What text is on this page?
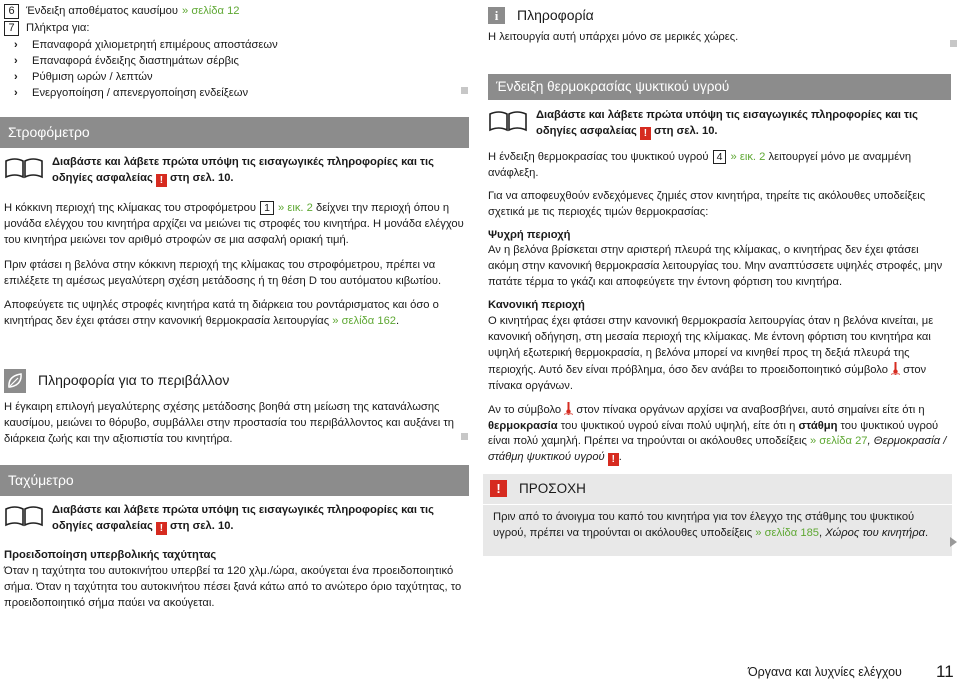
6	Ένδειξη αποθέματος καυσίμου » σελίδα 12
7	Πλήκτρα για:
› Επαναφορά χιλιομετρητή επιμέρους αποστάσεων
› Επαναφορά ένδειξης διαστημάτων σέρβις
› Ρύθμιση ωρών / λεπτών
› Ενεργοποίηση / απενεργοποίηση ενδείξεων
Στροφόμετρο
Διαβάστε και λάβετε πρώτα υπόψη τις εισαγωγικές πληροφορίες και τις
οδηγίες ασφαλείας ! στη σελ. 10.

Η κόκκινη περιοχή της κλίμακας του στροφόμετρου 1 » εικ. 2 δείχνει την περιοχή όπου η μονάδα ελέγχου του κινητήρα αρχίζει να μειώνει τις στροφές του κινητήρα. Η μονάδα ελέγχου του κινητήρα μειώνει τον αριθμό στροφών σε μια ασφαλή οριακή τιμή.

Πριν φτάσει η βελόνα στην κόκκινη περιοχή της κλίμακας του στροφόμετρου, πρέπει να επιλέξετε τη αμέσως μεγαλύτερη σχέση μετάδοσης ή τη θέση D του αυτόματου κιβωτίου.

Αποφεύγετε τις υψηλές στροφές κινητήρα κατά τη διάρκεια του ροντάρισματος και όσο ο κινητήρας δεν έχει φτάσει στην κανονική θερμοκρασία λειτουργίας » σελίδα 162.

Πληροφορία για το περιβάλλον

Η έγκαιρη επιλογή μεγαλύτερης σχέσης μετάδοσης βοηθά στη μείωση της κατανάλωσης καυσίμου, μειώνει το θόρυβο, συμβάλλει στην προστασία του περιβάλλοντος και αυξάνει τη διάρκεια ζωής και την αξιοπιστία του κινητήρα.

Ταχύμετρο
Διαβάστε και λάβετε πρώτα υπόψη τις εισαγωγικές πληροφορίες και τις
οδηγίες ασφαλείας ! στη σελ. 10.

Προειδοποίηση υπερβολικής ταχύτητας

Όταν η ταχύτητα του αυτοκινήτου υπερβεί τα 120 χλμ./ώρα, ακούγεται ένα προειδοποιητικό σήμα. Όταν η ταχύτητα του αυτοκινήτου πέσει ξανά κάτω από το ανώτερο όριο ταχύτητας, το προειδοποιητικό σήμα παύει να ακούγεται.

i	Πληροφορία

Η λειτουργία αυτή υπάρχει μόνο σε μερικές χώρες.

Ένδειξη θερμοκρασίας ψυκτικού υγρού
Διαβάστε και λάβετε πρώτα υπόψη τις εισαγωγικές πληροφορίες και τις
οδηγίες ασφαλείας ! στη σελ. 10.

Η ένδειξη θερμοκρασίας του ψυκτικού υγρού 4 » εικ. 2 λειτουργεί μόνο με αναμμένη ανάφλεξη.

Για να αποφευχθούν ενδεχόμενες ζημιές στον κινητήρα, τηρείτε τις ακόλουθες υποδείξεις σχετικά με τις περιοχές τιμών θερμοκρασίας:

Ψυχρή περιοχή

Αν η βελόνα βρίσκεται στην αριστερή πλευρά της κλίμακας, ο κινητήρας δεν έχει φτάσει ακόμη στην κανονική θερμοκρασία λειτουργίας του. Μην αναπτύσσετε υψηλές στροφές, μην πατάτε τέρμα το γκάζι και αποφεύγετε την έντονη φόρτιση του κινητήρα.

Κανονική περιοχή

Ο κινητήρας έχει φτάσει στην κανονική θερμοκρασία λειτουργίας όταν η βελόνα κινείται, με κανονική οδήγηση, στη μεσαία περιοχή της κλίμακας. Με έντονη φόρτιση του κινητήρα και υψηλή εξωτερική θερμοκρασία, η βελόνα μπορεί να κινηθεί προς τη δεξιά πλευρά της περιοχής. Αυτό δεν είναι πρόβλημα, όσο δεν ανάβει το προειδοποιητικό σύμβολο στον πίνακα οργάνων.

Αν το σύμβολο στον πίνακα οργάνων αρχίσει να αναβοσβήνει, αυτό σημαίνει είτε ότι η θερμοκρασία του ψυκτικού υγρού είναι πολύ υψηλή, είτε ότι η στάθμη του ψυκτικού υγρού είναι πολύ χαμηλή. Πρέπει να τηρούνται οι ακόλουθες υποδείξεις » σελίδα 27, Θερμοκρασία / στάθμη ψυκτικού υγρού ! .

!	ΠΡΟΣΟΧΗ

Πριν από το άνοιγμα του καπό του κινητήρα για τον έλεγχο της στάθμης του ψυκτικού υγρού, πρέπει να τηρούνται οι ακόλουθες υποδείξεις » σελίδα 185, Χώρος του κινητήρα.

Όργανα και λυχνίες ελέγχου 11
